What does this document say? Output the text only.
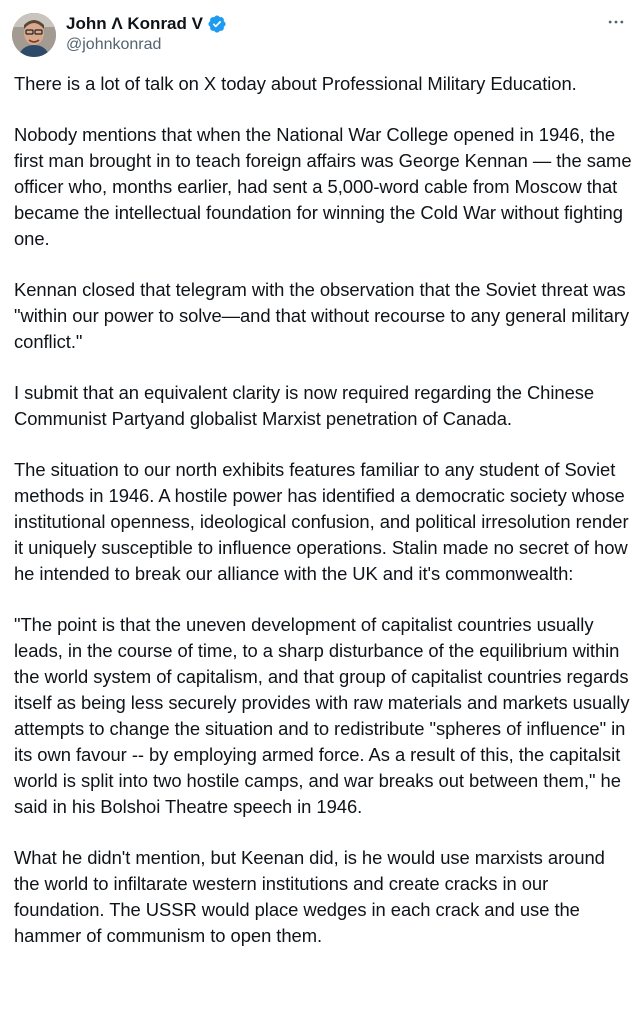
John Λ Konrad V
@johnkonrad

There is a lot of talk on X today about Professional Military Education.

Nobody mentions that when the National War College opened in 1946, the first man brought in to teach foreign affairs was George Kennan — the same officer who, months earlier, had sent a 5,000-word cable from Moscow that became the intellectual foundation for winning the Cold War without fighting one.

Kennan closed that telegram with the observation that the Soviet threat was "within our power to solve—and that without recourse to any general military conflict."

I submit that an equivalent clarity is now required regarding the Chinese Communist Partyand globalist Marxist penetration of Canada.

The situation to our north exhibits features familiar to any student of Soviet methods in 1946. A hostile power has identified a democratic society whose institutional openness, ideological confusion, and political irresolution render it uniquely susceptible to influence operations. Stalin made no secret of how he intended to break our alliance with the UK and it's commonwealth:

"The point is that the uneven development of capitalist countries usually leads, in the course of time, to a sharp disturbance of the equilibrium within the world system of capitalism, and that group of capitalist countries regards itself as being less securely provides with raw materials and markets usually attempts to change the situation and to redistribute "spheres of influence" in its own favour -- by employing armed force. As a result of this, the capitalsit world is split into two hostile camps, and war breaks out between them," he said in his Bolshoi Theatre speech in 1946.

What he didn't mention, but Keenan did, is he would use marxists around the world to infiltarate western institutions and create cracks in our foundation. The USSR would place wedges in each crack and use the hammer of communism to open them.
